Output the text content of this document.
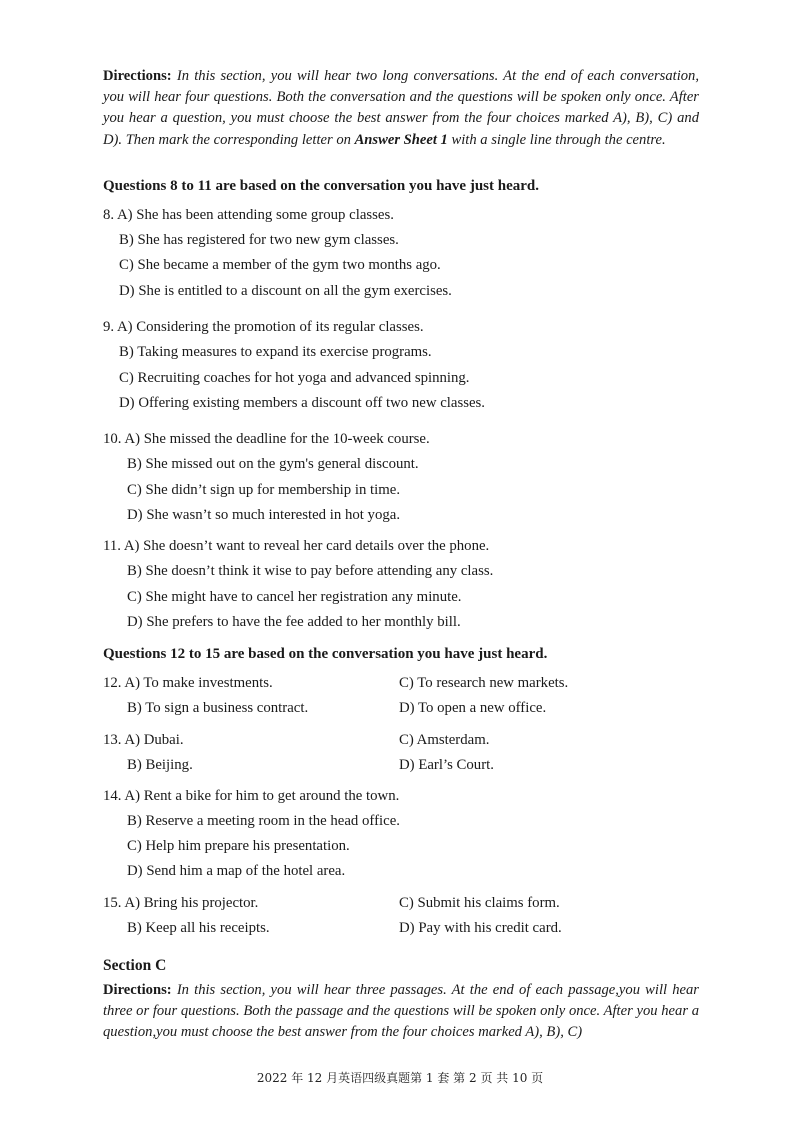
Directions: In this section, you will hear two long conversations. At the end of each conversation, you will hear four questions. Both the conversation and the questions will be spoken only once. After you hear a question, you must choose the best answer from the four choices marked A), B), C) and D). Then mark the corresponding letter on Answer Sheet 1 with a single line through the centre.
Questions 8 to 11 are based on the conversation you have just heard.
8. A) She has been attending some group classes.
B) She has registered for two new gym classes.
C) She became a member of the gym two months ago.
D) She is entitled to a discount on all the gym exercises.
9. A) Considering the promotion of its regular classes.
B) Taking measures to expand its exercise programs.
C) Recruiting coaches for hot yoga and advanced spinning.
D) Offering existing members a discount off two new classes.
10. A) She missed the deadline for the 10-week course.
B) She missed out on the gym's general discount.
C) She didn’t sign up for membership in time.
D) She wasn’t so much interested in hot yoga.
11. A) She doesn’t want to reveal her card details over the phone.
B) She doesn’t think it wise to pay before attending any class.
C) She might have to cancel her registration any minute.
D) She prefers to have the fee added to her monthly bill.
Questions 12 to 15 are based on the conversation you have just heard.
12. A) To make investments.	C) To research new markets.
B) To sign a business contract.	D) To open a new office.
13. A) Dubai.	C) Amsterdam.
B) Beijing.	D) Earl’s Court.
14. A) Rent a bike for him to get around the town.
B) Reserve a meeting room in the head office.
C) Help him prepare his presentation.
D) Send him a map of the hotel area.
15. A) Bring his projector.	C) Submit his claims form.
B) Keep all his receipts.	D) Pay with his credit card.
Section C
Directions: In this section, you will hear three passages. At the end of each passage,you will hear three or four questions. Both the passage and the questions will be spoken only once. After you hear a question,you must choose the best answer from the four choices marked A), B), C)
2022 年 12 月英语四级真题第 1 套 第 2 页 共 10 页
